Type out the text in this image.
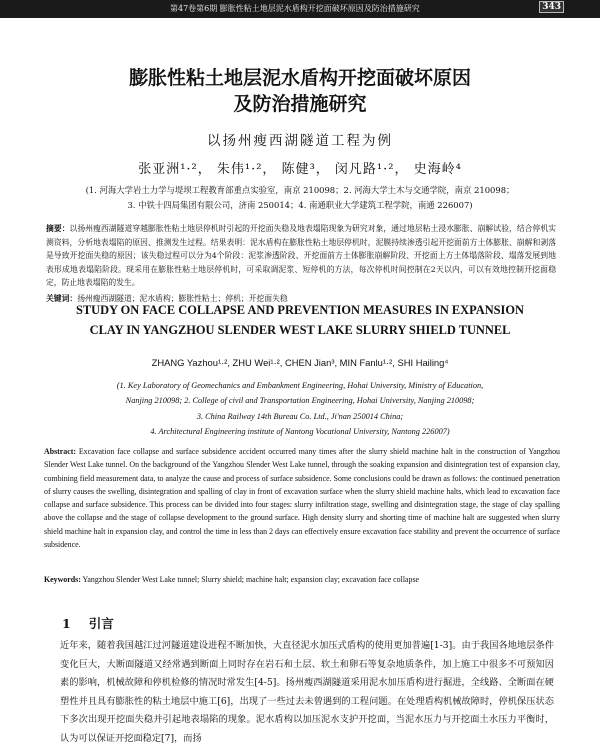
第47卷第6期 膨胀性粘土地层泥水盾构开挖面破坏原因及防治措施研究	343
膨胀性粘土地层泥水盾构开挖面破坏原因
及防治措施研究
以扬州瘦西湖隧道工程为例
张亚洲¹·²， 朱伟¹·²， 陈健³， 闵凡路¹·²， 史海岭⁴
(1. 河海大学岩土力学与堤坝工程教育部重点实验室，南京 210098；2. 河海大学土木与交通学院，南京 210098；
3. 中铁十四局集团有限公司，济南 250014；4. 南通职业大学建筑工程学院，南通 226007)
摘要：以扬州瘦西湖隧道穿越膨胀性粘土地层停机时引起的开挖面失稳及地表塌陷现象为研究对象，通过地层粘土浸水膨胀、崩解试验，结合停机实测资料，分析地表塌陷的原因、推测发生过程。结果表明：泥水盾构在膨胀性粘土地层停机时，泥膜持续渗透引起开挖面前方土体膨胀、崩解和剥落是导致开挖面失稳的原因；该失稳过程可以分为4个阶段：泥浆渗透阶段、开挖面前方土体膨胀崩解阶段、开挖面上方土体塌落阶段、塌落发展到地表形成地表塌陷阶段。现采用在膨胀性粘土地层停机时，可采取调泥浆、短停机的方法，每次停机时间控制在2天以内，可以有效地控制开挖面稳定，防止地表塌陷的发生。
关键词：扬州瘦西湖隧道；泥水盾构；膨胀性粘土；停机；开挖面失稳
STUDY ON FACE COLLAPSE AND PREVENTION MEASURES IN EXPANSION
CLAY IN YANGZHOU SLENDER WEST LAKE SLURRY SHIELD TUNNEL
ZHANG Yazhou¹·², ZHU Wei¹·², CHEN Jian³, MIN Fanlu¹·², SHI Hailing⁴
(1. Key Laboratory of Geomechanics and Embankment Engineering, Hohai University, Ministry of Education,
Nanjing 210098; 2. College of civil and Transportation Engineering, Hohai University, Nanjing 210098;
3. China Railway 14th Bureau Co. Ltd., Ji'nan 250014 China;
4. Architectural Engineering institute of Nantong Vocational University, Nantong 226007)
Abstract: Excavation face collapse and surface subsidence accident occurred many times after the slurry shield machine halt in the construction of Yangzhou Slender West Lake tunnel. On the background of the Yangzhou Slender West Lake tunnel, through the soaking expansion and disintegration test of expansion clay, combining field measurement data, to analyze the cause and process of surface subsidence. Some conclusions could be drawn as follows: the continued penetration of slurry causes the swelling, disintegration and spalling of clay in front of excavation surface when the slurry shield machine halts, which lead to excavation face collapse and surface subsidence. This process can be divided into four stages: slurry infiltration stage, swelling and disintegration stage, the stage of clay spalling above the collapse and the stage of collapse development to the ground surface. High density slurry and shorting time of machine halt are suggested when slurry shield machine halt in expansion clay, and control the time in less than 2 days can effectively ensure excavation face stability and prevent the occurrence of surface subsidence.
Keywords: Yangzhou Slender West Lake tunnel; Slurry shield; machine halt; expansion clay; excavation face collapse
1 引言
近年来，随着我国越江过河隧道建设进程不断加快，大直径泥水加压式盾构的使用更加普遍[1-3]。由于我国各地地层条件变化巨大，大断面隧道又经常遇到断面上同时存在岩石和土层、软土和卵石等复杂地质条件，加上施工中很多不可预知因素的影响，机械故障和停机检修的情况时常发生[4-5]。扬州瘦西湖隧道采用泥水加压盾构进行掘进，全线路、全断面在硬塑性并且具有膨胀性的粘土地层中施工[6]，出现了一些过去未曾遇到的工程问题。在处理盾构机械故障时，停机保压状态下多次出现开挖面失稳并引起地表塌陷的现象。泥水盾构以加压泥水支护开挖面，当泥水压力与开挖面土水压力平衡时，认为可以保证开挖面稳定[7]，而扬
